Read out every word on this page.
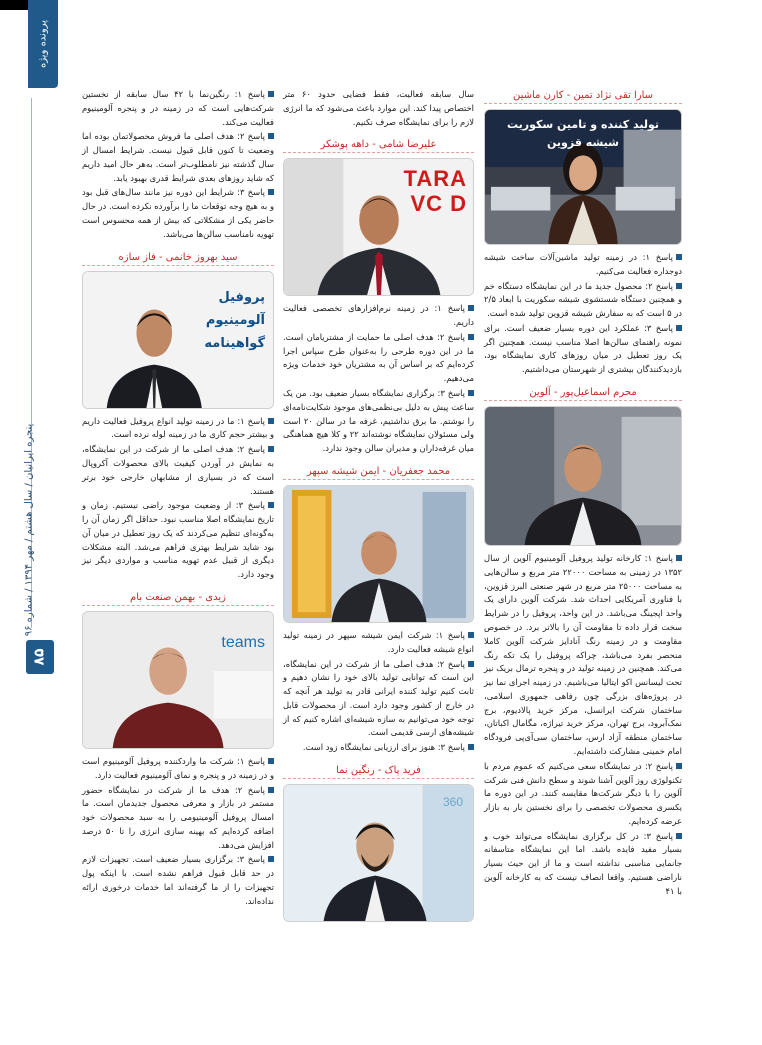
پرونده ویژه
پنجره ایرانیان / سال هشتم / مهر ۱۳۹۴ / شماره ۹۶
۸۵
سارا تقی نژاد تمین - کارن ماشین
تولید کننده و تامین سکوریت شیشه قزوین

پاسخ ۱: در زمینه تولید ماشین‌آلات ساخت شیشه دوجداره فعالیت می‌کنیم.

پاسخ ۲: محصول جدید ما در این نمایشگاه دستگاه خم و همچنین دستگاه شستشوی شیشه سکوریت با ابعاد ۲/۵ در ۵ است که به سفارش شیشه قزوین تولید شده است.

پاسخ ۳: عملکرد این دوره بسیار ضعیف است. برای نمونه راهنمای سالن‌ها اصلا مناسب نیست. همچنین اگر یک روز تعطیل در میان روزهای کاری نمایشگاه بود، بازدیدکنندگان بیشتری از شهرستان می‌داشتیم.

محرم اسماعیل‌پور - آلوین

پاسخ ۱: کارخانه تولید پروفیل آلومینیوم آلوین از سال ۱۳۵۲ در زمینی به مساحت ۲۲۰۰۰ متر مربع و سالن‌هایی به مساحت ۲۵۰۰۰ متر مربع در شهر صنعتی البرز قزوین، با فناوری آمریکایی احداث شد. شرکت آلوین دارای یک واحد اپجینگ می‌باشد. در این واحد، پروفیل را در شرایط سخت قرار داده تا مقاومت آن را بالاتر برد. در خصوص مقاومت و در زمینه رنگ آنادایز شرکت آلوین کاملا منحصر بفرد می‌باشد، چراکه پروفیل را یک تکه رنگ می‌کند. همچنین در زمینه تولید در و پنجره ترمال بریک نیز تحت لیسانس اکو ایتالیا می‌باشیم. در زمینه اجرای نما نیز در پروژه‌های بزرگی چون رفاهی جمهوری اسلامی، ساختمان شرکت ایرانسل، مرکز خرید پالادیوم، برج نمک‌آبرود، برج تهران، مرکز خرید تیراژه، مگامال اکباتان، ساختمان منطقه آزاد ارس، ساختمان سی‌آی‌پی فرودگاه امام خمینی مشارکت داشته‌ایم.

پاسخ ۲: در نمایشگاه سعی می‌کنیم که عموم مردم با تکنولوژی روز آلوین آشنا شوند و سطح دانش فنی شرکت آلوین را با دیگر شرکت‌ها مقایسه کنند. در این دوره ما یکسری محصولات تخصصی را برای نخستین بار به بازار عرضه کرده‌ایم.

پاسخ ۳: در کل برگزاری نمایشگاه می‌تواند خوب و بسیار مفید فایده باشد. اما این نمایشگاه متاسفانه جانمایی مناسبی نداشته است و ما از این حیث بسیار ناراضی هستیم. واقعا انصاف نیست که به کارخانه آلوین با ۴۱

سال سابقه فعالیت، فقط فضایی حدود ۶۰ متر اختصاص پیدا کند. این موارد باعث می‌شود که ما انرژی لازم را برای نمایشگاه صرف نکنیم.

علیرضا شامی - داهه پوشکر
TARA VC D

پاسخ ۱: در زمینه نرم‌افزارهای تخصصی فعالیت داریم.

پاسخ ۲: هدف اصلی ما حمایت از مشتریامان است. ما در این دوره طرحی را به‌عنوان طرح سپاس اجرا کرده‌ایم که بر اساس آن به مشتریان خود خدمات ویژه می‌دهیم.

پاسخ ۳: برگزاری نمایشگاه بسیار ضعیف بود. من یک ساعت پیش به دلیل بی‌نظمی‌های موجود شکایت‌نامه‌ای را نوشتم. ما برق نداشتیم، غرفه ما در سالن ۲۰ است ولی مسئولان نمایشگاه نوشته‌اند ۲۲ و کلا هیچ هماهنگی میان غرفه‌داران و مدیران سالن وجود ندارد.

محمد جعفریان - ایمن شیشه سپهر

پاسخ ۱: شرکت ایمن شیشه سپهر در زمینه تولید انواع شیشه فعالیت دارد.

پاسخ ۲: هدف اصلی ما از شرکت در این نمایشگاه، این است که توانایی تولید بالای خود را نشان دهیم و ثابت کنیم تولید کننده ایرانی قادر به تولید هر آنچه که در خارج از کشور وجود دارد است. از محصولات قابل توجه خود می‌توانیم به سازه شیشه‌ای اشاره کنیم که از شیشه‌های ارسی قدیمی است.

پاسخ ۳: هنوز برای ارزیابی نمایشگاه زود است.

فرید پاک - رنگین نما
360

پاسخ ۱: رنگین‌نما با ۴۲ سال سابقه از نخستین شرکت‌هایی است که در زمینه در و پنجره آلومینیوم فعالیت می‌کند.

پاسخ ۲: هدف اصلی ما فروش محصولاتمان بوده اما وضعیت تا کنون قابل قبول نیست. شرایط امسال از سال گذشته نیز نامطلوب‌تر است. به‌هر حال امید داریم که شاید روزهای بعدی شرایط قدری بهبود یابد.

پاسخ ۳: شرایط این دوره نیز مانند سال‌های قبل بود و به هیچ وجه توقعات ما را برآورده نکرده است. در حال حاضر یکی از مشکلاتی که بیش از همه محسوس است تهویه نامناسب سالن‌ها می‌باشد.

سید بهروز خانمی - فاز سازه
پروفیل آلومینیوم گواهینامه

پاسخ ۱: ما در زمینه تولید انواع پروفیل فعالیت داریم و بیشتر حجم کاری ما در زمینه لوله نرده است.

پاسخ ۲: هدف اصلی ما از شرکت در این نمایشگاه، به نمایش در آوردن کیفیت بالای محصولات آکروپال است که در بسیاری از مشابهان خارجی خود برتر هستند.

پاسخ ۳: از وضعیت موجود راضی نیستیم. زمان و تاریخ نمایشگاه اصلا مناسب نبود. حداقل اگر زمان آن را به‌گونه‌ای تنظیم می‌کردند که یک روز تعطیل در میان آن بود شاید شرایط بهتری فراهم می‌شد. البته مشکلات دیگری از قبیل عدم تهویه مناسب و مواردی دیگر نیز وجود دارد.

زیدی - بهمن صنعت بام
teams

پاسخ ۱: شرکت ما واردکننده پروفیل آلومینیوم است و در زمینه در و پنجره و نمای آلومینیوم فعالیت دارد.

پاسخ ۲: هدف ما از شرکت در نمایشگاه حضور مستمر در بازار و معرفی محصول جدیدمان است. ما امسال پروفیل آلومینیومی را به سبد محصولات خود اضافه کرده‌ایم که بهینه سازی انرژی را تا ۵۰ درصد افزایش می‌دهد.

پاسخ ۳: برگزاری بسیار ضعیف است. تجهیزات لازم در حد قابل قبول فراهم نشده است. با اینکه پول تجهیزات را از ما گرفته‌اند اما خدمات درخوری ارائه نداده‌اند.
